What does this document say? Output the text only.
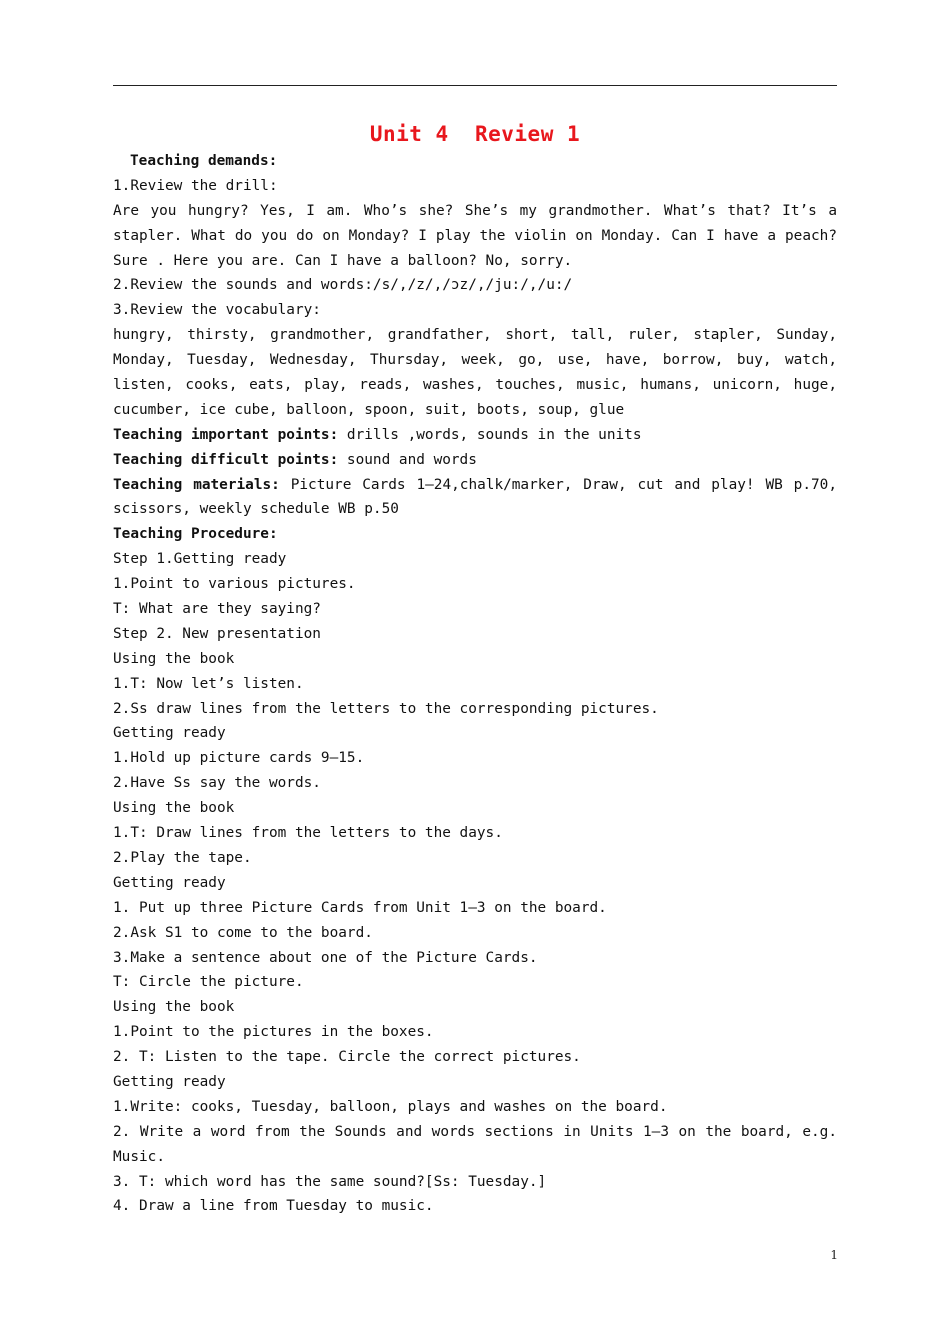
Unit 4  Review 1
Teaching demands:
1.Review the drill:
Are you hungry? Yes, I am. Who’s she? She’s my grandmother. What’s that? It’s a
stapler. What do you do on Monday? I play the violin on Monday. Can I have a peach?
Sure . Here you are. Can I have a balloon? No, sorry.
2.Review the sounds and words:/s/,/z/,/ɔz/,/ju:/,/u:/
3.Review the vocabulary:
hungry, thirsty, grandmother, grandfather, short, tall, ruler, stapler, Sunday,
Monday, Tuesday, Wednesday, Thursday, week, go, use, have, borrow, buy, watch,
listen, cooks, eats, play, reads, washes, touches, music, humans, unicorn, huge,
cucumber, ice cube, balloon, spoon, suit, boots, soup, glue
Teaching important points: drills ,words, sounds in the units
Teaching difficult points: sound and words
Teaching materials: Picture Cards 1—24,chalk/marker, Draw, cut and play! WB p.70,
scissors, weekly schedule WB p.50
Teaching Procedure:
Step 1.Getting ready
1.Point to various pictures.
T: What are they saying?
Step 2. New presentation
Using the book
1.T: Now let’s listen.
2.Ss draw lines from the letters to the corresponding pictures.
Getting ready
1.Hold up picture cards 9—15.
2.Have Ss say the words.
Using the book
1.T: Draw lines from the letters to the days.
2.Play the tape.
Getting ready
1. Put up three Picture Cards from Unit 1—3 on the board.
2.Ask S1 to come to the board.
3.Make a sentence about one of the Picture Cards.
T: Circle the picture.
Using the book
1.Point to the pictures in the boxes.
2. T: Listen to the tape. Circle the correct pictures.
Getting ready
1.Write: cooks, Tuesday, balloon, plays and washes on the board.
2. Write a word from the Sounds and words sections in Units 1—3 on the board, e.g.
Music.
3. T: which word has the same sound?[Ss: Tuesday.]
4. Draw a line from Tuesday to music.
1
